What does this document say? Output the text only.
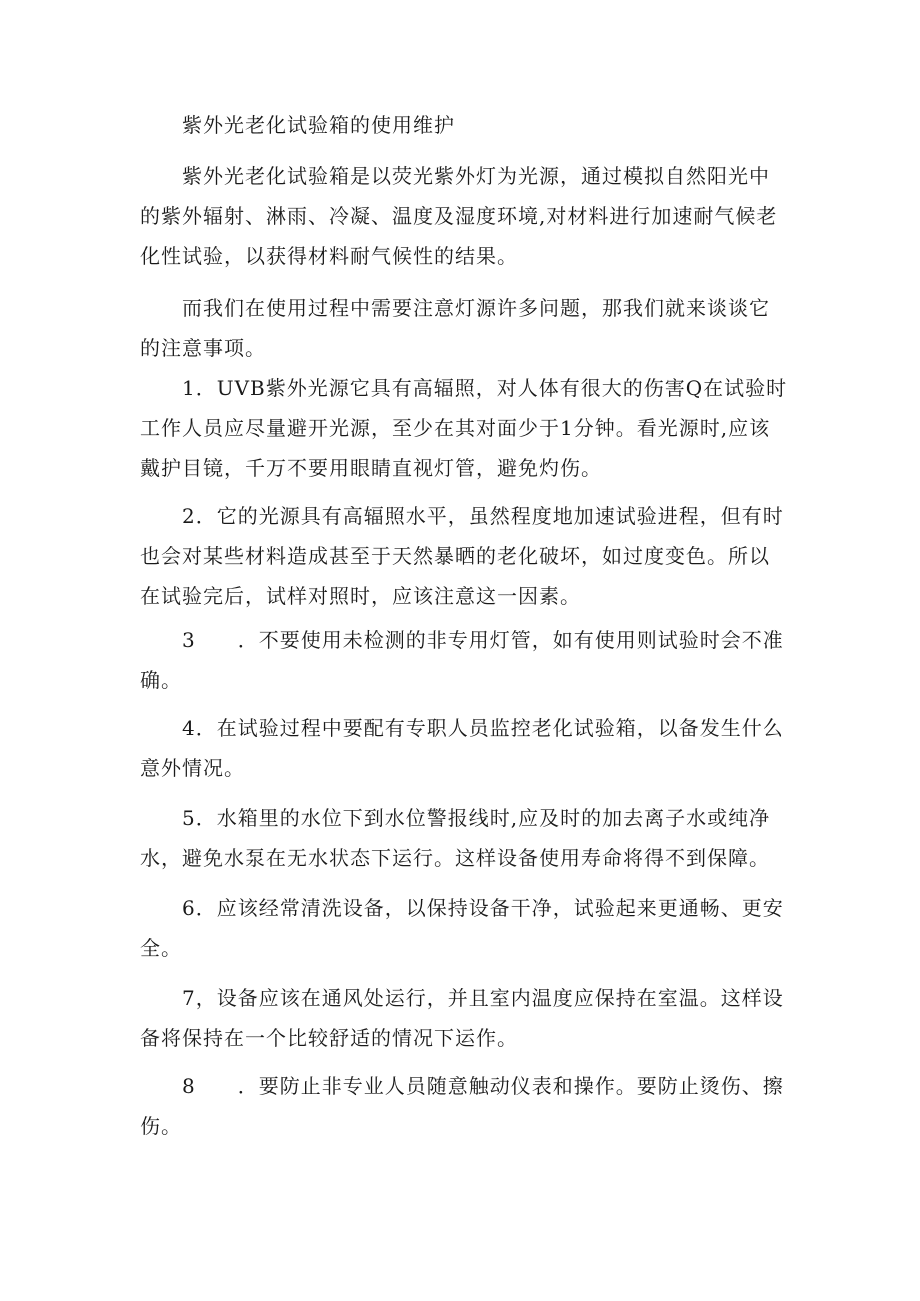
紫外光老化试验箱的使用维护
紫外光老化试验箱是以荧光紫外灯为光源，通过模拟自然阳光中
的紫外辐射、淋雨、冷凝、温度及湿度环境,对材料进行加速耐气候老
化性试验，以获得材料耐气候性的结果。
而我们在使用过程中需要注意灯源许多问题，那我们就来谈谈它
的注意事项。
1．UVB紫外光源它具有高辐照，对人体有很大的伤害Q在试验时
工作人员应尽量避开光源，至少在其对面少于1分钟。看光源时,应该
戴护目镜，千万不要用眼睛直视灯管，避免灼伤。
2．它的光源具有高辐照水平，虽然程度地加速试验进程，但有时
也会对某些材料造成甚至于天然暴晒的老化破坏，如过度变色。所以
在试验完后，试样对照时，应该注意这一因素。
3　　．不要使用未检测的非专用灯管，如有使用则试验时会不准
确。
4．在试验过程中要配有专职人员监控老化试验箱，以备发生什么
意外情况。
5．水箱里的水位下到水位警报线时,应及时的加去离子水或纯净
水，避免水泵在无水状态下运行。这样设备使用寿命将得不到保障。
6．应该经常清洗设备，以保持设备干净，试验起来更通畅、更安
全。
7，设备应该在通风处运行，并且室内温度应保持在室温。这样设
备将保持在一个比较舒适的情况下运作。
8　　．要防止非专业人员随意触动仪表和操作。要防止烫伤、擦
伤。
